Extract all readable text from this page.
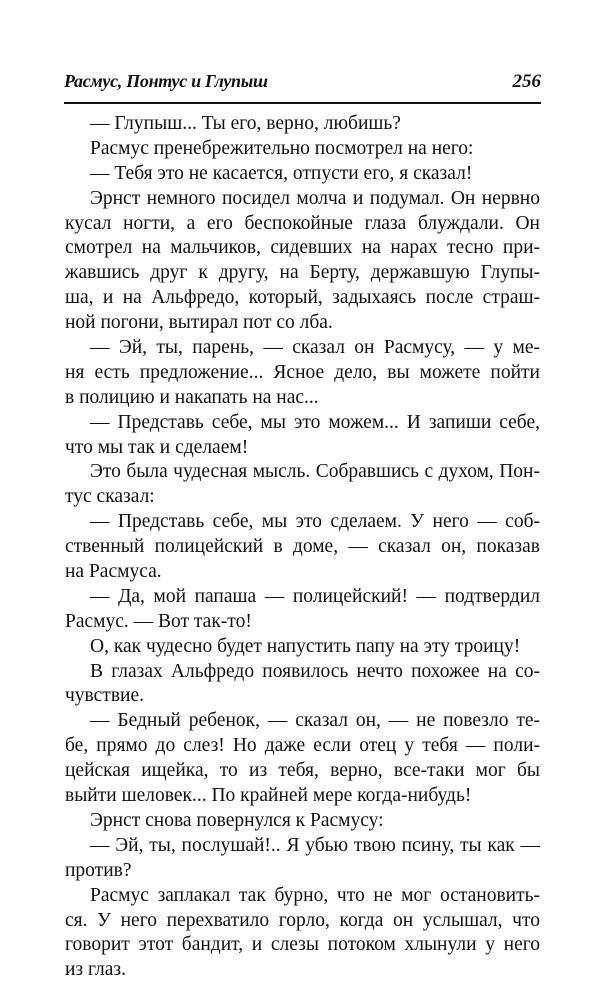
Расмус, Понтус и Глупыш	256
— Глупыш... Ты его, верно, любишь?
Расмус пренебрежительно посмотрел на него:
— Тебя это не касается, отпусти его, я сказал!
Эрнст немного посидел молча и подумал. Он нервно
кусал ногти, а его беспокойные глаза блуждали. Он
смотрел на мальчиков, сидевших на нарах тесно при-
жавшись друг к другу, на Берту, державшую Глупы-
ша, и на Альфредо, который, задыхаясь после страш-
ной погони, вытирал пот со лба.
— Эй, ты, парень, — сказал он Расмусу, — у ме-
ня есть предложение... Ясное дело, вы можете пойти
в полицию и накапать на нас...
— Представь себе, мы это можем... И запиши себе,
что мы так и сделаем!
Это была чудесная мысль. Собравшись с духом, Пон-
тус сказал:
— Представь себе, мы это сделаем. У него — соб-
ственный полицейский в доме, — сказал он, показав
на Расмуса.
— Да, мой папаша — полицейский! — подтвердил
Расмус. — Вот так-то!
О, как чудесно будет напустить папу на эту троицу!
В глазах Альфредо появилось нечто похожее на со-
чувствие.
— Бедный ребенок, — сказал он, — не повезло те-
бе, прямо до слез! Но даже если отец у тебя — поли-
цейская ищейка, то из тебя, верно, все-таки мог бы
выйти шеловек... По крайней мере когда-нибудь!
Эрнст снова повернулся к Расмусу:
— Эй, ты, послушай!.. Я убью твою псину, ты как —
против?
Расмус заплакал так бурно, что не мог остановить-
ся. У него перехватило горло, когда он услышал, что
говорит этот бандит, и слезы потоком хлынули у него
из глаз.
